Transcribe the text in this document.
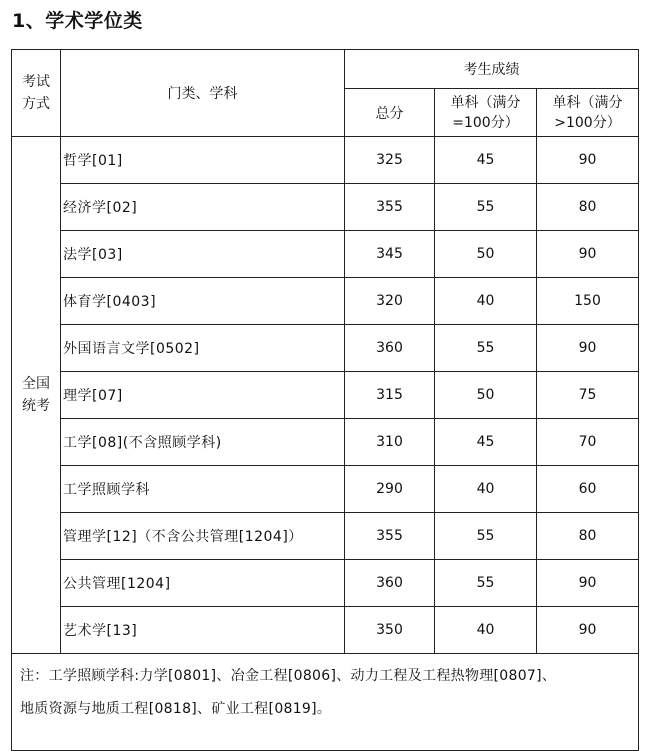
1、学术学位类
考试方式	门类、学科	考生成绩		
		总分	单科（满分=100分）	单科（满分>100分）

全国统考	哲学[01]	325	45	90
	经济学[02]	355	55	80
	法学[03]	345	50	90
	体育学[0403]	320	40	150
	外国语言文学[0502]	360	55	90
	理学[07]	315	50	75
	工学[08](不含照顾学科)	310	45	70
	工学照顾学科	290	40	60
	管理学[12]（不含公共管理[1204]）	355	55	80
	公共管理[1204]	360	55	90
	艺术学[13]	350	40	90

注：工学照顾学科:力学[0801]、冶金工程[0806]、动力工程及工程热物理[0807]、
地质资源与地质工程[0818]、矿业工程[0819]。				
